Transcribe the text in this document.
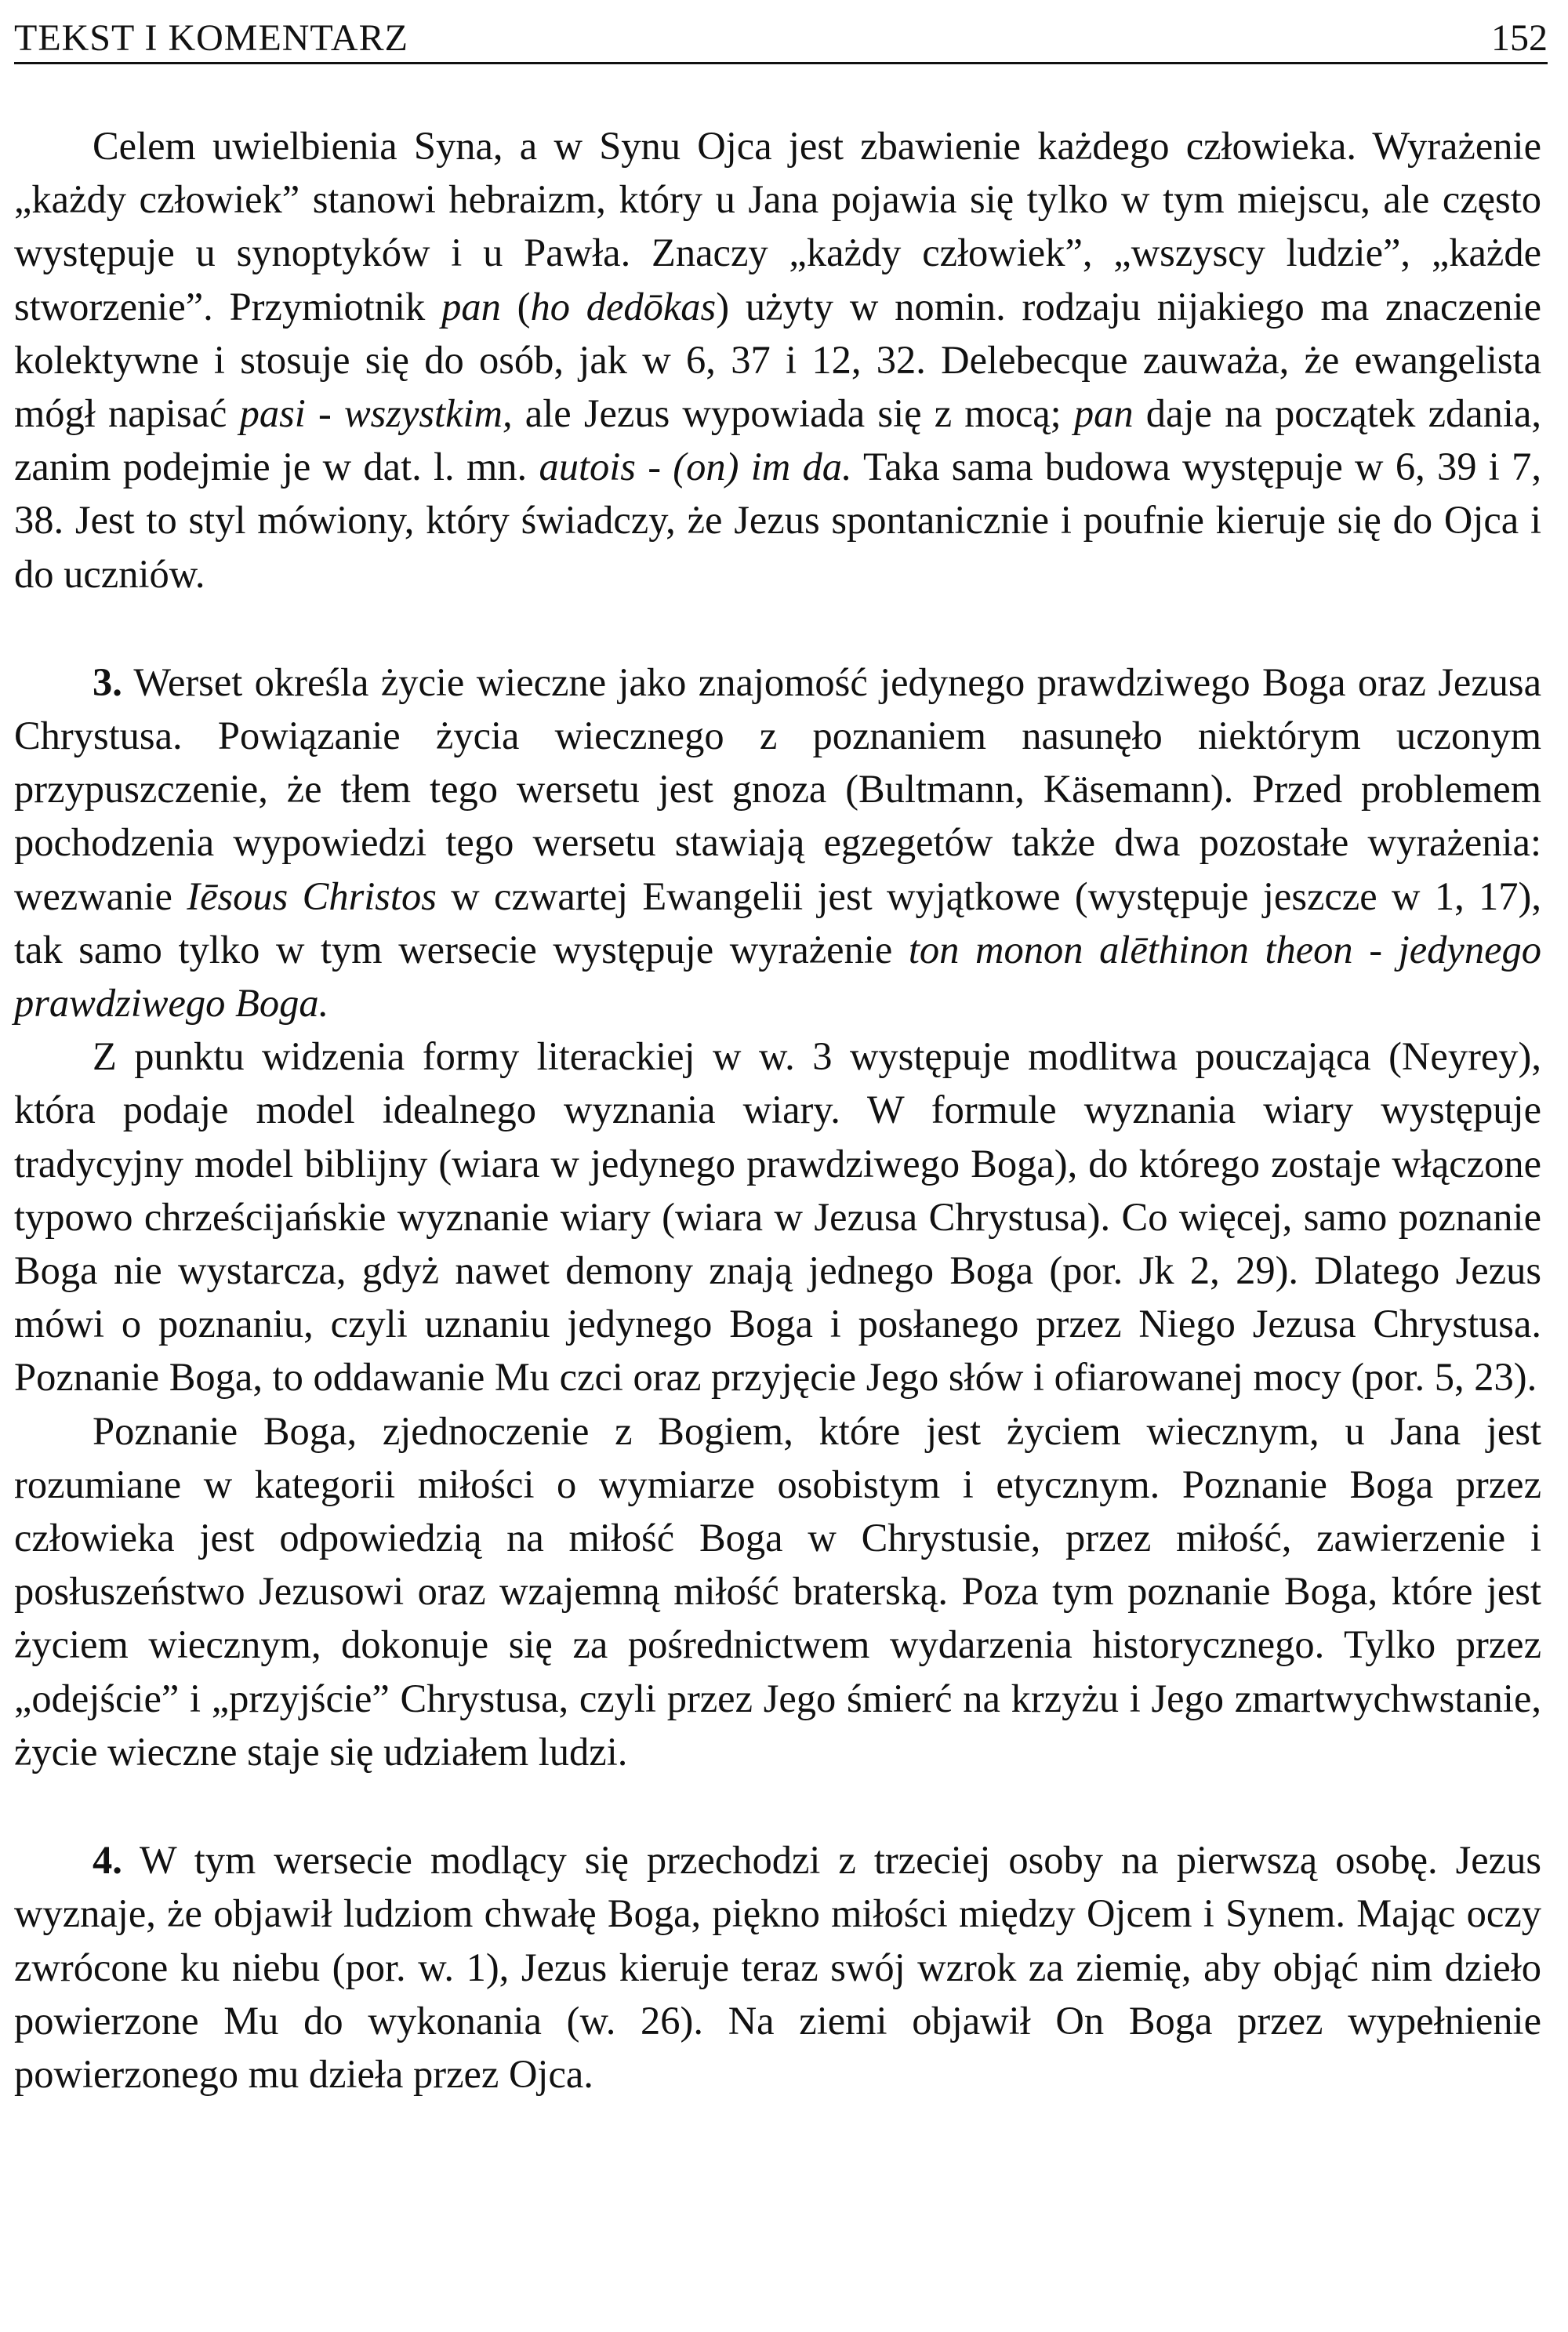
TEKST I KOMENTARZ	152

Celem uwielbienia Syna, a w Synu Ojca jest zbawienie każdego człowieka. Wyrażenie „każdy człowiek” stanowi hebraizm, który u Jana pojawia się tylko w tym miejscu, ale często występuje u synoptyków i u Pawła. Znaczy „każdy człowiek”, „wszyscy ludzie”, „każde stworzenie”. Przymiotnik pan (ho dedōkas) użyty w nomin. rodzaju nijakiego ma znaczenie kolektywne i stosuje się do osób, jak w 6, 37 i 12, 32. Delebecque zauważa, że ewangelista mógł napisać pasi - wszystkim, ale Jezus wypowiada się z mocą; pan daje na początek zdania, zanim podejmie je w dat. l. mn. autois - (on) im da. Taka sama budowa występuje w 6, 39 i 7, 38. Jest to styl mówiony, który świadczy, że Jezus spontanicznie i poufnie kieruje się do Ojca i do uczniów.

3. Werset określa życie wieczne jako znajomość jedynego prawdziwego Boga oraz Jezusa Chrystusa. Powiązanie życia wiecznego z poznaniem nasunęło niektórym uczonym przypuszczenie, że tłem tego wersetu jest gnoza (Bultmann, Käsemann). Przed problemem pochodzenia wypowiedzi tego wersetu stawiają egzegetów także dwa pozostałe wyrażenia: wezwanie Iēsous Christos w czwartej Ewangelii jest wyjątkowe (występuje jeszcze w 1, 17), tak samo tylko w tym wersecie występuje wyrażenie ton monon alēthinon theon - jedynego prawdziwego Boga.

Z punktu widzenia formy literackiej w w. 3 występuje modlitwa pouczająca (Neyrey), która podaje model idealnego wyznania wiary. W formule wyznania wiary występuje tradycyjny model biblijny (wiara w jedynego prawdziwego Boga), do którego zostaje włączone typowo chrześcijańskie wyznanie wiary (wiara w Jezusa Chrystusa). Co więcej, samo poznanie Boga nie wystarcza, gdyż nawet demony znają jednego Boga (por. Jk 2, 29). Dlatego Jezus mówi o poznaniu, czyli uznaniu jedynego Boga i posłanego przez Niego Jezusa Chrystusa. Poznanie Boga, to oddawanie Mu czci oraz przyjęcie Jego słów i ofiarowanej mocy (por. 5, 23).

Poznanie Boga, zjednoczenie z Bogiem, które jest życiem wiecznym, u Jana jest rozumiane w kategorii miłości o wymiarze osobistym i etycznym. Poznanie Boga przez człowieka jest odpowiedzią na miłość Boga w Chrystusie, przez miłość, zawierzenie i posłuszeństwo Jezusowi oraz wzajemną miłość braterską. Poza tym poznanie Boga, które jest życiem wiecznym, dokonuje się za pośrednictwem wydarzenia historycznego. Tylko przez „odejście” i „przyjście” Chrystusa, czyli przez Jego śmierć na krzyżu i Jego zmartwychwstanie, życie wieczne staje się udziałem ludzi.

4. W tym wersecie modlący się przechodzi z trzeciej osoby na pierwszą osobę. Jezus wyznaje, że objawił ludziom chwałę Boga, piękno miłości między Ojcem i Synem. Mając oczy zwrócone ku niebu (por. w. 1), Jezus kieruje teraz swój wzrok za ziemię, aby objąć nim dzieło powierzone Mu do wykonania (w. 26). Na ziemi objawił On Boga przez wypełnienie powierzonego mu dzieła przez Ojca.
